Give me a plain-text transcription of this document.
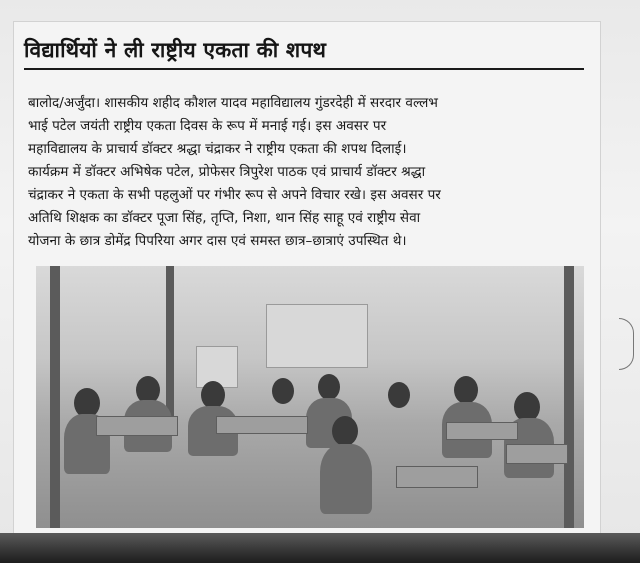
विद्यार्थियों ने ली राष्ट्रीय एकता की शपथ

बालोद/अर्जुंदा। शासकीय शहीद कौशल यादव महाविद्यालय गुंडरदेही में सरदार वल्लभ

भाई पटेल जयंती राष्ट्रीय एकता दिवस के रूप में मनाई गई। इस अवसर पर

महाविद्यालय के प्राचार्य डॉक्टर श्रद्धा चंद्राकर ने राष्ट्रीय एकता की शपथ दिलाई।

कार्यक्रम में डॉक्टर अभिषेक पटेल, प्रोफेसर त्रिपुरेश पाठक एवं प्राचार्य डॉक्टर श्रद्धा

चंद्राकर ने एकता के सभी पहलुओं पर गंभीर रूप से अपने विचार रखे। इस अवसर पर

अतिथि शिक्षक का डॉक्टर पूजा सिंह, तृप्ति, निशा, थान सिंह साहू एवं राष्ट्रीय सेवा

योजना के छात्र डोमेंद्र पिपरिया अगर दास एवं समस्त छात्र–छात्राएं उपस्थित थे।
